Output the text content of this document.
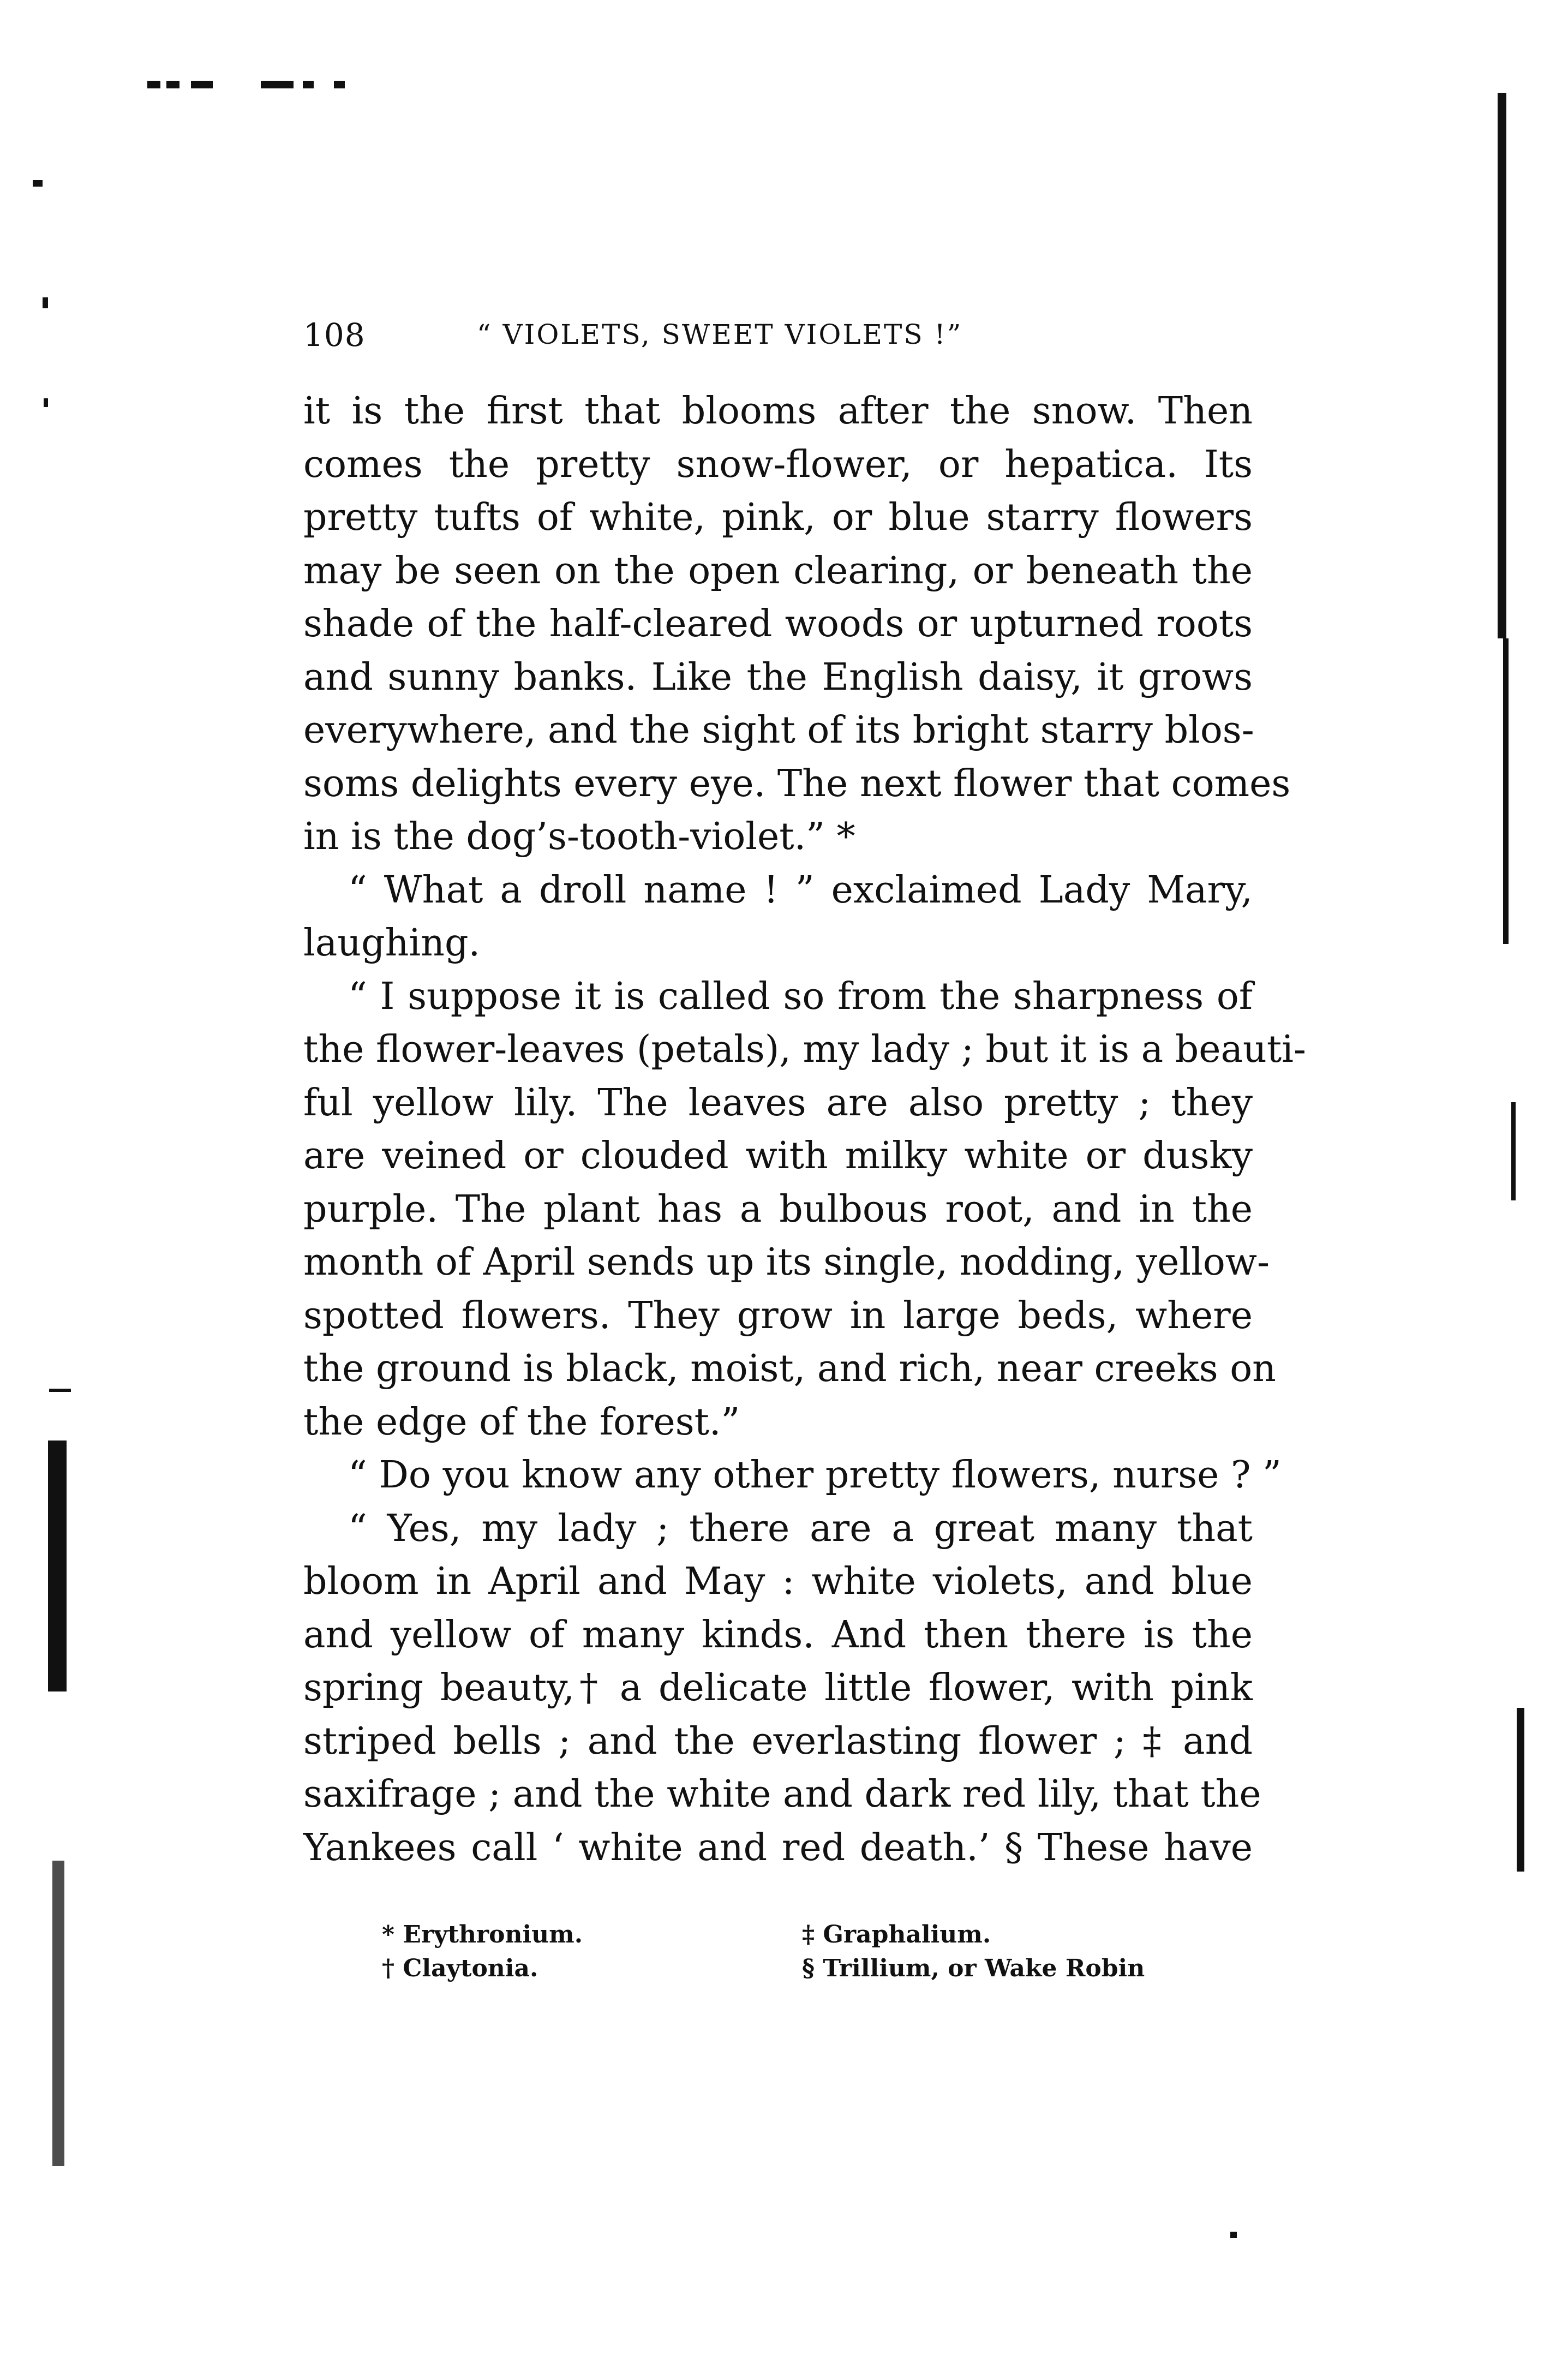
108	“ VIOLETS, SWEET VIOLETS !”
it is the first that blooms after the snow. Then
comes the pretty snow-flower, or hepatica. Its
pretty tufts of white, pink, or blue starry flowers
may be seen on the open clearing, or beneath the
shade of the half-cleared woods or upturned roots
and sunny banks. Like the English daisy, it grows
everywhere, and the sight of its bright starry blos-
soms delights every eye. The next flower that comes
in is the dog’s-tooth-violet.” *
“ What a droll name ! ” exclaimed Lady Mary,
laughing.
“ I suppose it is called so from the sharpness of
the flower-leaves (petals), my lady ; but it is a beauti-
ful yellow lily. The leaves are also pretty ; they
are veined or clouded with milky white or dusky
purple. The plant has a bulbous root, and in the
month of April sends up its single, nodding, yellow-
spotted flowers. They grow in large beds, where
the ground is black, moist, and rich, near creeks on
the edge of the forest.”
“ Do you know any other pretty flowers, nurse ? ”
“ Yes, my lady ; there are a great many that
bloom in April and May : white violets, and blue
and yellow of many kinds. And then there is the
spring beauty,† a delicate little flower, with pink
striped bells ; and the everlasting flower ; ‡ and
saxifrage ; and the white and dark red lily, that the
Yankees call ‘ white and red death.’ § These have
* Erythronium.
† Claytonia.
‡ Graphalium.
§ Trillium, or Wake Robin
